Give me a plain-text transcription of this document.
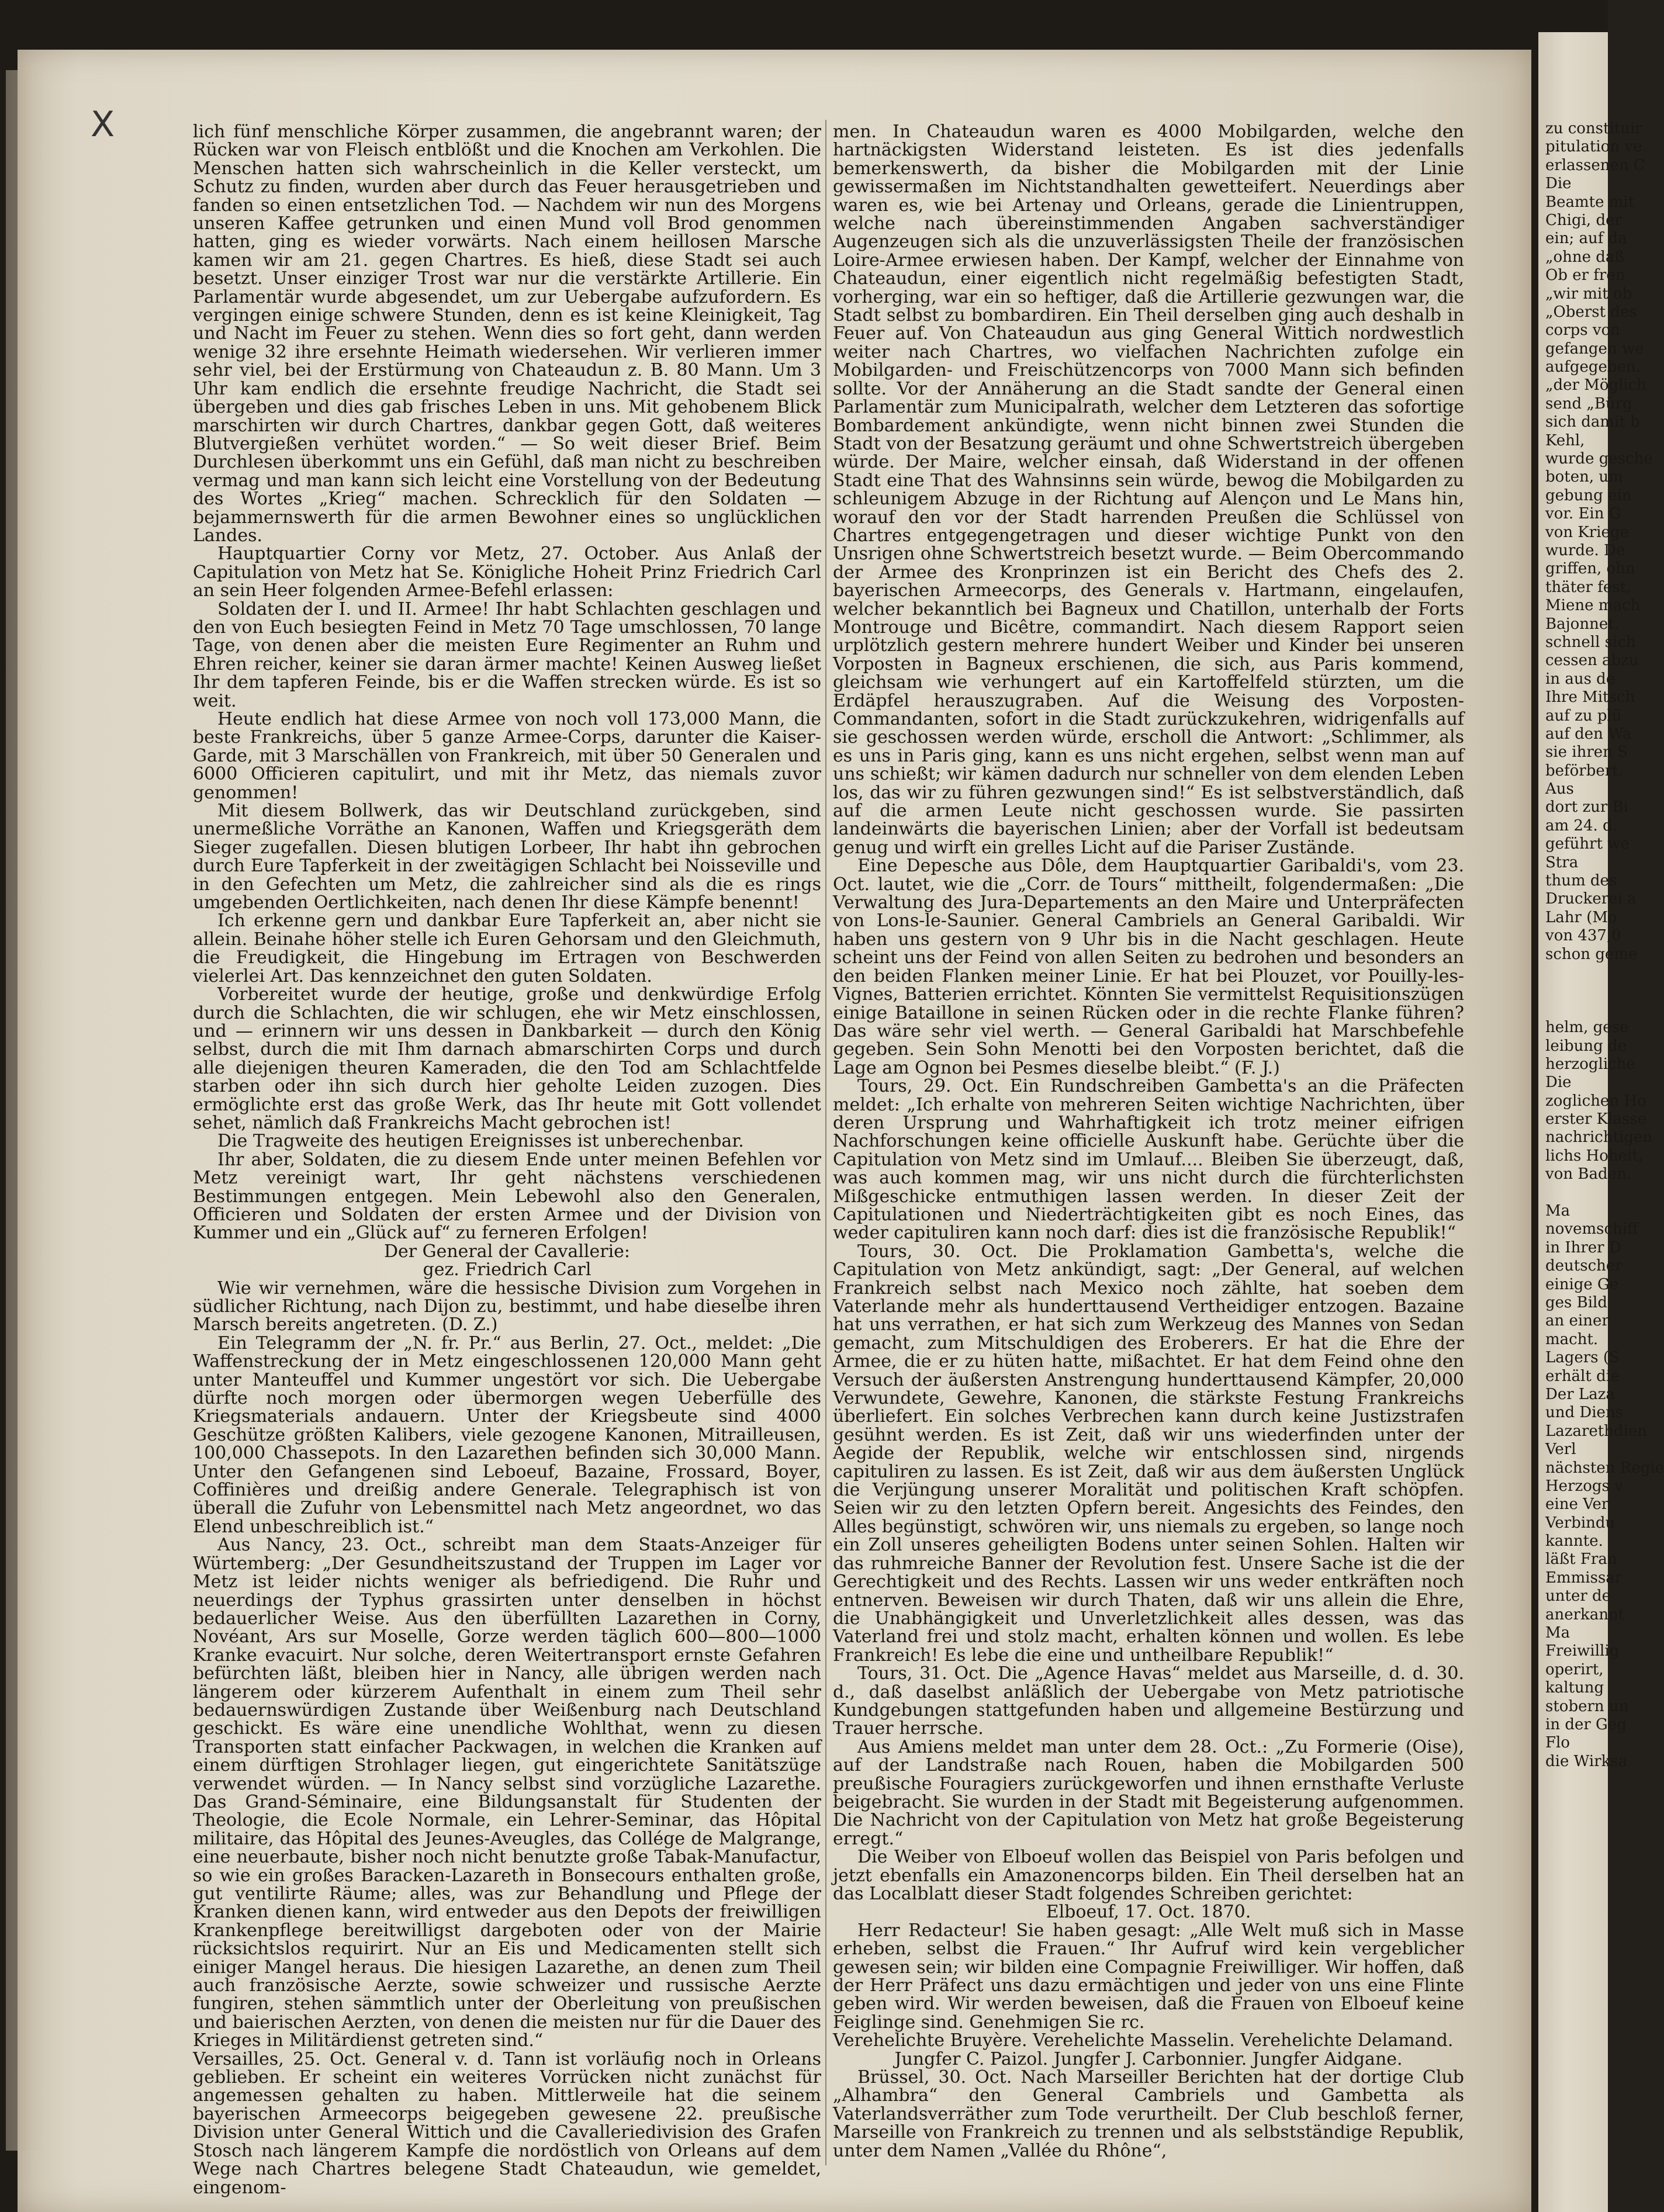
zu constituir
pitulation ve
erlassenen C
Die
Beamte mit
Chigi, der
ein; auf da
„ohne daß
Ob er fren
„wir mit ob
„Oberst des
corps von
gefangen we
aufgegeben.
„der Möglich
send „Bürg
sich damit b
Kehl,
wurde gesche
boten, um
gebung ein
vor. Ein G
von Kriege
wurde. De
griffen, ohn
thäter fest,
Miene mach
Bajonnet.
schnell sich
cessen abzu
in aus de
Ihre Mitsch
auf zu plü
auf den Wa
sie ihren S
beförbert.
Aus
dort zur Bi
am 24. d.
geführt we
Stra
thum des
Druckerei a
Lahr (Mo
von 437,0
schon geme
helm, gese
leibung de
herzogliche
Die
zoglichen Ho
erster Klasse
nachrichtigen
lichs Hoheit,
von Baden.
Ma
novemschiff
in Ihrer D
deutscher
einige Ge
ges Bild
an einer
macht.
Lagers (S
erhält die
Der Laza
und Diens
Lazarethdien
Verl
nächsten Regie
Herzogs v
eine Ver
Verbindu
kannte.
läßt Fran
Emmissar
unter de
anerkannt
Ma
Freiwillig
operirt,
kaltung
stobern un
in der Geg
Flo
die Wirksa
X	lich fünf menschliche Körper zusammen, die angebrannt waren; der Rücken war von Fleisch entblößt und die Knochen am Verkohlen. Die Menschen hatten sich wahrscheinlich in die Keller versteckt, um Schutz zu finden, wurden aber durch das Feuer herausgetrieben und fanden so einen entsetzlichen Tod. — Nachdem wir nun des Morgens unseren Kaffee getrunken und einen Mund voll Brod genommen hatten, ging es wieder vorwärts. Nach einem heillosen Marsche kamen wir am 21. gegen Chartres. Es hieß, diese Stadt sei auch besetzt. Unser einziger Trost war nur die verstärkte Artillerie. Ein Parlamentär wurde abgesendet, um zur Uebergabe aufzufordern. Es vergingen einige schwere Stunden, denn es ist keine Kleinigkeit, Tag und Nacht im Feuer zu stehen. Wenn dies so fort geht, dann werden wenige 32 ihre ersehnte Heimath wiedersehen. Wir verlieren immer sehr viel, bei der Erstürmung von Chateaudun z. B. 80 Mann. Um 3 Uhr kam endlich die ersehnte freudige Nachricht, die Stadt sei übergeben und dies gab frisches Leben in uns. Mit gehobenem Blick marschirten wir durch Chartres, dankbar gegen Gott, daß weiteres Blutvergießen verhütet worden.“ — So weit dieser Brief. Beim Durchlesen überkommt uns ein Gefühl, daß man nicht zu beschreiben vermag und man kann sich leicht eine Vorstellung von der Bedeutung des Wortes „Krieg“ machen. Schrecklich für den Soldaten — bejammernswerth für die armen Bewohner eines so unglücklichen Landes.

Hauptquartier Corny vor Metz, 27. October. Aus Anlaß der Capitulation von Metz hat Se. Königliche Hoheit Prinz Friedrich Carl an sein Heer folgenden Armee-Befehl erlassen:

Soldaten der I. und II. Armee! Ihr habt Schlachten geschlagen und den von Euch besiegten Feind in Metz 70 Tage umschlossen, 70 lange Tage, von denen aber die meisten Eure Regimenter an Ruhm und Ehren reicher, keiner sie daran ärmer machte! Keinen Ausweg ließet Ihr dem tapferen Feinde, bis er die Waffen strecken würde. Es ist so weit.

Heute endlich hat diese Armee von noch voll 173,000 Mann, die beste Frankreichs, über 5 ganze Armee-Corps, darunter die Kaiser-Garde, mit 3 Marschällen von Frankreich, mit über 50 Generalen und 6000 Officieren capitulirt, und mit ihr Metz, das niemals zuvor genommen!

Mit diesem Bollwerk, das wir Deutschland zurückgeben, sind unermeßliche Vorräthe an Kanonen, Waffen und Kriegsgeräth dem Sieger zugefallen. Diesen blutigen Lorbeer, Ihr habt ihn gebrochen durch Eure Tapferkeit in der zweitägigen Schlacht bei Noisseville und in den Gefechten um Metz, die zahlreicher sind als die es rings umgebenden Oertlichkeiten, nach denen Ihr diese Kämpfe benennt!

Ich erkenne gern und dankbar Eure Tapferkeit an, aber nicht sie allein. Beinahe höher stelle ich Euren Gehorsam und den Gleichmuth, die Freudigkeit, die Hingebung im Ertragen von Beschwerden vielerlei Art. Das kennzeichnet den guten Soldaten.

Vorbereitet wurde der heutige, große und denkwürdige Erfolg durch die Schlachten, die wir schlugen, ehe wir Metz einschlossen, und — erinnern wir uns dessen in Dankbarkeit — durch den König selbst, durch die mit Ihm darnach abmarschirten Corps und durch alle diejenigen theuren Kameraden, die den Tod am Schlachtfelde starben oder ihn sich durch hier geholte Leiden zuzogen. Dies ermöglichte erst das große Werk, das Ihr heute mit Gott vollendet sehet, nämlich daß Frankreichs Macht gebrochen ist!

Die Tragweite des heutigen Ereignisses ist unberechenbar.

Ihr aber, Soldaten, die zu diesem Ende unter meinen Befehlen vor Metz vereinigt wart, Ihr geht nächstens verschiedenen Bestimmungen entgegen. Mein Lebewohl also den Generalen, Officieren und Soldaten der ersten Armee und der Division von Kummer und ein „Glück auf“ zu ferneren Erfolgen!

Der General der Cavallerie:

gez. Friedrich Carl

Wie wir vernehmen, wäre die hessische Division zum Vorgehen in südlicher Richtung, nach Dijon zu, bestimmt, und habe dieselbe ihren Marsch bereits angetreten. (D. Z.)

Ein Telegramm der „N. fr. Pr.“ aus Berlin, 27. Oct., meldet: „Die Waffenstreckung der in Metz eingeschlossenen 120,000 Mann geht unter Manteuffel und Kummer ungestört vor sich. Die Uebergabe dürfte noch morgen oder übermorgen wegen Ueberfülle des Kriegsmaterials andauern. Unter der Kriegsbeute sind 4000 Geschütze größten Kalibers, viele gezogene Kanonen, Mitrailleusen, 100,000 Chassepots. In den Lazarethen befinden sich 30,000 Mann. Unter den Gefangenen sind Leboeuf, Bazaine, Frossard, Boyer, Coffinières und dreißig andere Generale. Telegraphisch ist von überall die Zufuhr von Lebensmittel nach Metz angeordnet, wo das Elend unbeschreiblich ist.“

Aus Nancy, 23. Oct., schreibt man dem Staats-Anzeiger für Würtemberg: „Der Gesundheitszustand der Truppen im Lager vor Metz ist leider nichts weniger als befriedigend. Die Ruhr und neuerdings der Typhus grassirten unter denselben in höchst bedauerlicher Weise. Aus den überfüllten Lazarethen in Corny, Novéant, Ars sur Moselle, Gorze werden täglich 600—800—1000 Kranke evacuirt. Nur solche, deren Weitertransport ernste Gefahren befürchten läßt, bleiben hier in Nancy, alle übrigen werden nach längerem oder kürzerem Aufenthalt in einem zum Theil sehr bedauernswürdigen Zustande über Weißenburg nach Deutschland geschickt. Es wäre eine unendliche Wohlthat, wenn zu diesen Transporten statt einfacher Packwagen, in welchen die Kranken auf einem dürftigen Strohlager liegen, gut eingerichtete Sanitätszüge verwendet würden. — In Nancy selbst sind vorzügliche Lazarethe. Das Grand-Séminaire, eine Bildungsanstalt für Studenten der Theologie, die Ecole Normale, ein Lehrer-Seminar, das Hôpital militaire, das Hôpital des Jeunes-Aveugles, das Collége de Malgrange, eine neuerbaute, bisher noch nicht benutzte große Tabak-Manufactur, so wie ein großes Baracken-Lazareth in Bonsecours enthalten große, gut ventilirte Räume; alles, was zur Behandlung und Pflege der Kranken dienen kann, wird entweder aus den Depots der freiwilligen Krankenpflege bereitwilligst dargeboten oder von der Mairie rücksichtslos requirirt. Nur an Eis und Medicamenten stellt sich einiger Mangel heraus. Die hiesigen Lazarethe, an denen zum Theil auch französische Aerzte, sowie schweizer und russische Aerzte fungiren, stehen sämmtlich unter der Oberleitung von preußischen und baierischen Aerzten, von denen die meisten nur für die Dauer des Krieges in Militärdienst getreten sind.“

Versailles, 25. Oct. General v. d. Tann ist vorläufig noch in Orleans geblieben. Er scheint ein weiteres Vorrücken nicht zunächst für angemessen gehalten zu haben. Mittlerweile hat die seinem bayerischen Armeecorps beigegeben gewesene 22. preußische Division unter General Wittich und die Cavalleriedivision des Grafen Stosch nach längerem Kampfe die nordöstlich von Orleans auf dem Wege nach Chartres belegene Stadt Chateaudun, wie gemeldet, eingenom-

men. In Chateaudun waren es 4000 Mobilgarden, welche den hartnäckigsten Widerstand leisteten. Es ist dies jedenfalls bemerkenswerth, da bisher die Mobilgarden mit der Linie gewissermaßen im Nichtstandhalten gewetteifert. Neuerdings aber waren es, wie bei Artenay und Orleans, gerade die Linientruppen, welche nach übereinstimmenden Angaben sachverständiger Augenzeugen sich als die unzuverlässigsten Theile der französischen Loire-Armee erwiesen haben. Der Kampf, welcher der Einnahme von Chateaudun, einer eigentlich nicht regelmäßig befestigten Stadt, vorherging, war ein so heftiger, daß die Artillerie gezwungen war, die Stadt selbst zu bombardiren. Ein Theil derselben ging auch deshalb in Feuer auf. Von Chateaudun aus ging General Wittich nordwestlich weiter nach Chartres, wo vielfachen Nachrichten zufolge ein Mobilgarden- und Freischützencorps von 7000 Mann sich befinden sollte. Vor der Annäherung an die Stadt sandte der General einen Parlamentär zum Municipalrath, welcher dem Letzteren das sofortige Bombardement ankündigte, wenn nicht binnen zwei Stunden die Stadt von der Besatzung geräumt und ohne Schwertstreich übergeben würde. Der Maire, welcher einsah, daß Widerstand in der offenen Stadt eine That des Wahnsinns sein würde, bewog die Mobilgarden zu schleunigem Abzuge in der Richtung auf Alençon und Le Mans hin, worauf den vor der Stadt harrenden Preußen die Schlüssel von Chartres entgegengetragen und dieser wichtige Punkt von den Unsrigen ohne Schwertstreich besetzt wurde. — Beim Obercommando der Armee des Kronprinzen ist ein Bericht des Chefs des 2. bayerischen Armeecorps, des Generals v. Hartmann, eingelaufen, welcher bekanntlich bei Bagneux und Chatillon, unterhalb der Forts Montrouge und Bicêtre, commandirt. Nach diesem Rapport seien urplötzlich gestern mehrere hundert Weiber und Kinder bei unseren Vorposten in Bagneux erschienen, die sich, aus Paris kommend, gleichsam wie verhungert auf ein Kartoffelfeld stürzten, um die Erdäpfel herauszugraben. Auf die Weisung des Vorposten-Commandanten, sofort in die Stadt zurückzukehren, widrigenfalls auf sie geschossen werden würde, erscholl die Antwort: „Schlimmer, als es uns in Paris ging, kann es uns nicht ergehen, selbst wenn man auf uns schießt; wir kämen dadurch nur schneller von dem elenden Leben los, das wir zu führen gezwungen sind!“ Es ist selbstverständlich, daß auf die armen Leute nicht geschossen wurde. Sie passirten landeinwärts die bayerischen Linien; aber der Vorfall ist bedeutsam genug und wirft ein grelles Licht auf die Pariser Zustände.

Eine Depesche aus Dôle, dem Hauptquartier Garibaldi's, vom 23. Oct. lautet, wie die „Corr. de Tours“ mittheilt, folgendermaßen: „Die Verwaltung des Jura-Departements an den Maire und Unterpräfecten von Lons-le-Saunier. General Cambriels an General Garibaldi. Wir haben uns gestern von 9 Uhr bis in die Nacht geschlagen. Heute scheint uns der Feind von allen Seiten zu bedrohen und besonders an den beiden Flanken meiner Linie. Er hat bei Plouzet, vor Pouilly-les-Vignes, Batterien errichtet. Könnten Sie vermittelst Requisitionszügen einige Bataillone in seinen Rücken oder in die rechte Flanke führen? Das wäre sehr viel werth. — General Garibaldi hat Marschbefehle gegeben. Sein Sohn Menotti bei den Vorposten berichtet, daß die Lage am Ognon bei Pesmes dieselbe bleibt.“ (F. J.)

Tours, 29. Oct. Ein Rundschreiben Gambetta's an die Präfecten meldet: „Ich erhalte von mehreren Seiten wichtige Nachrichten, über deren Ursprung und Wahrhaftigkeit ich trotz meiner eifrigen Nachforschungen keine officielle Auskunft habe. Gerüchte über die Capitulation von Metz sind im Umlauf.... Bleiben Sie überzeugt, daß, was auch kommen mag, wir uns nicht durch die fürchterlichsten Mißgeschicke entmuthigen lassen werden. In dieser Zeit der Capitulationen und Niederträchtigkeiten gibt es noch Eines, das weder capituliren kann noch darf: dies ist die französische Republik!“

Tours, 30. Oct. Die Proklamation Gambetta's, welche die Capitulation von Metz ankündigt, sagt: „Der General, auf welchen Frankreich selbst nach Mexico noch zählte, hat soeben dem Vaterlande mehr als hunderttausend Vertheidiger entzogen. Bazaine hat uns verrathen, er hat sich zum Werkzeug des Mannes von Sedan gemacht, zum Mitschuldigen des Eroberers. Er hat die Ehre der Armee, die er zu hüten hatte, mißachtet. Er hat dem Feind ohne den Versuch der äußersten Anstrengung hunderttausend Kämpfer, 20,000 Verwundete, Gewehre, Kanonen, die stärkste Festung Frankreichs überliefert. Ein solches Verbrechen kann durch keine Justizstrafen gesühnt werden. Es ist Zeit, daß wir uns wiederfinden unter der Aegide der Republik, welche wir entschlossen sind, nirgends capituliren zu lassen. Es ist Zeit, daß wir aus dem äußersten Unglück die Verjüngung unserer Moralität und politischen Kraft schöpfen. Seien wir zu den letzten Opfern bereit. Angesichts des Feindes, den Alles begünstigt, schwören wir, uns niemals zu ergeben, so lange noch ein Zoll unseres geheiligten Bodens unter seinen Sohlen. Halten wir das ruhmreiche Banner der Revolution fest. Unsere Sache ist die der Gerechtigkeit und des Rechts. Lassen wir uns weder entkräften noch entnerven. Beweisen wir durch Thaten, daß wir uns allein die Ehre, die Unabhängigkeit und Unverletzlichkeit alles dessen, was das Vaterland frei und stolz macht, erhalten können und wollen. Es lebe Frankreich! Es lebe die eine und untheilbare Republik!“

Tours, 31. Oct. Die „Agence Havas“ meldet aus Marseille, d. d. 30. d., daß daselbst anläßlich der Uebergabe von Metz patriotische Kundgebungen stattgefunden haben und allgemeine Bestürzung und Trauer herrsche.

Aus Amiens meldet man unter dem 28. Oct.: „Zu Formerie (Oise), auf der Landstraße nach Rouen, haben die Mobilgarden 500 preußische Fouragiers zurückgeworfen und ihnen ernsthafte Verluste beigebracht. Sie wurden in der Stadt mit Begeisterung aufgenommen. Die Nachricht von der Capitulation von Metz hat große Begeisterung erregt.“

Die Weiber von Elboeuf wollen das Beispiel von Paris befolgen und jetzt ebenfalls ein Amazonencorps bilden. Ein Theil derselben hat an das Localblatt dieser Stadt folgendes Schreiben gerichtet:

Elboeuf, 17. Oct. 1870.

Herr Redacteur! Sie haben gesagt: „Alle Welt muß sich in Masse erheben, selbst die Frauen.“ Ihr Aufruf wird kein vergeblicher gewesen sein; wir bilden eine Compagnie Freiwilliger. Wir hoffen, daß der Herr Präfect uns dazu ermächtigen und jeder von uns eine Flinte geben wird. Wir werden beweisen, daß die Frauen von Elboeuf keine Feiglinge sind. Genehmigen Sie rc.

Verehelichte Bruyère. Verehelichte Masselin. Verehelichte Delamand.

Jungfer C. Paizol. Jungfer J. Carbonnier. Jungfer Aidgane.

Brüssel, 30. Oct. Nach Marseiller Berichten hat der dortige Club „Alhambra“ den General Cambriels und Gambetta als Vaterlandsverräther zum Tode verurtheilt. Der Club beschloß ferner, Marseille von Frankreich zu trennen und als selbstständige Republik, unter dem Namen „Vallée du Rhône“,
